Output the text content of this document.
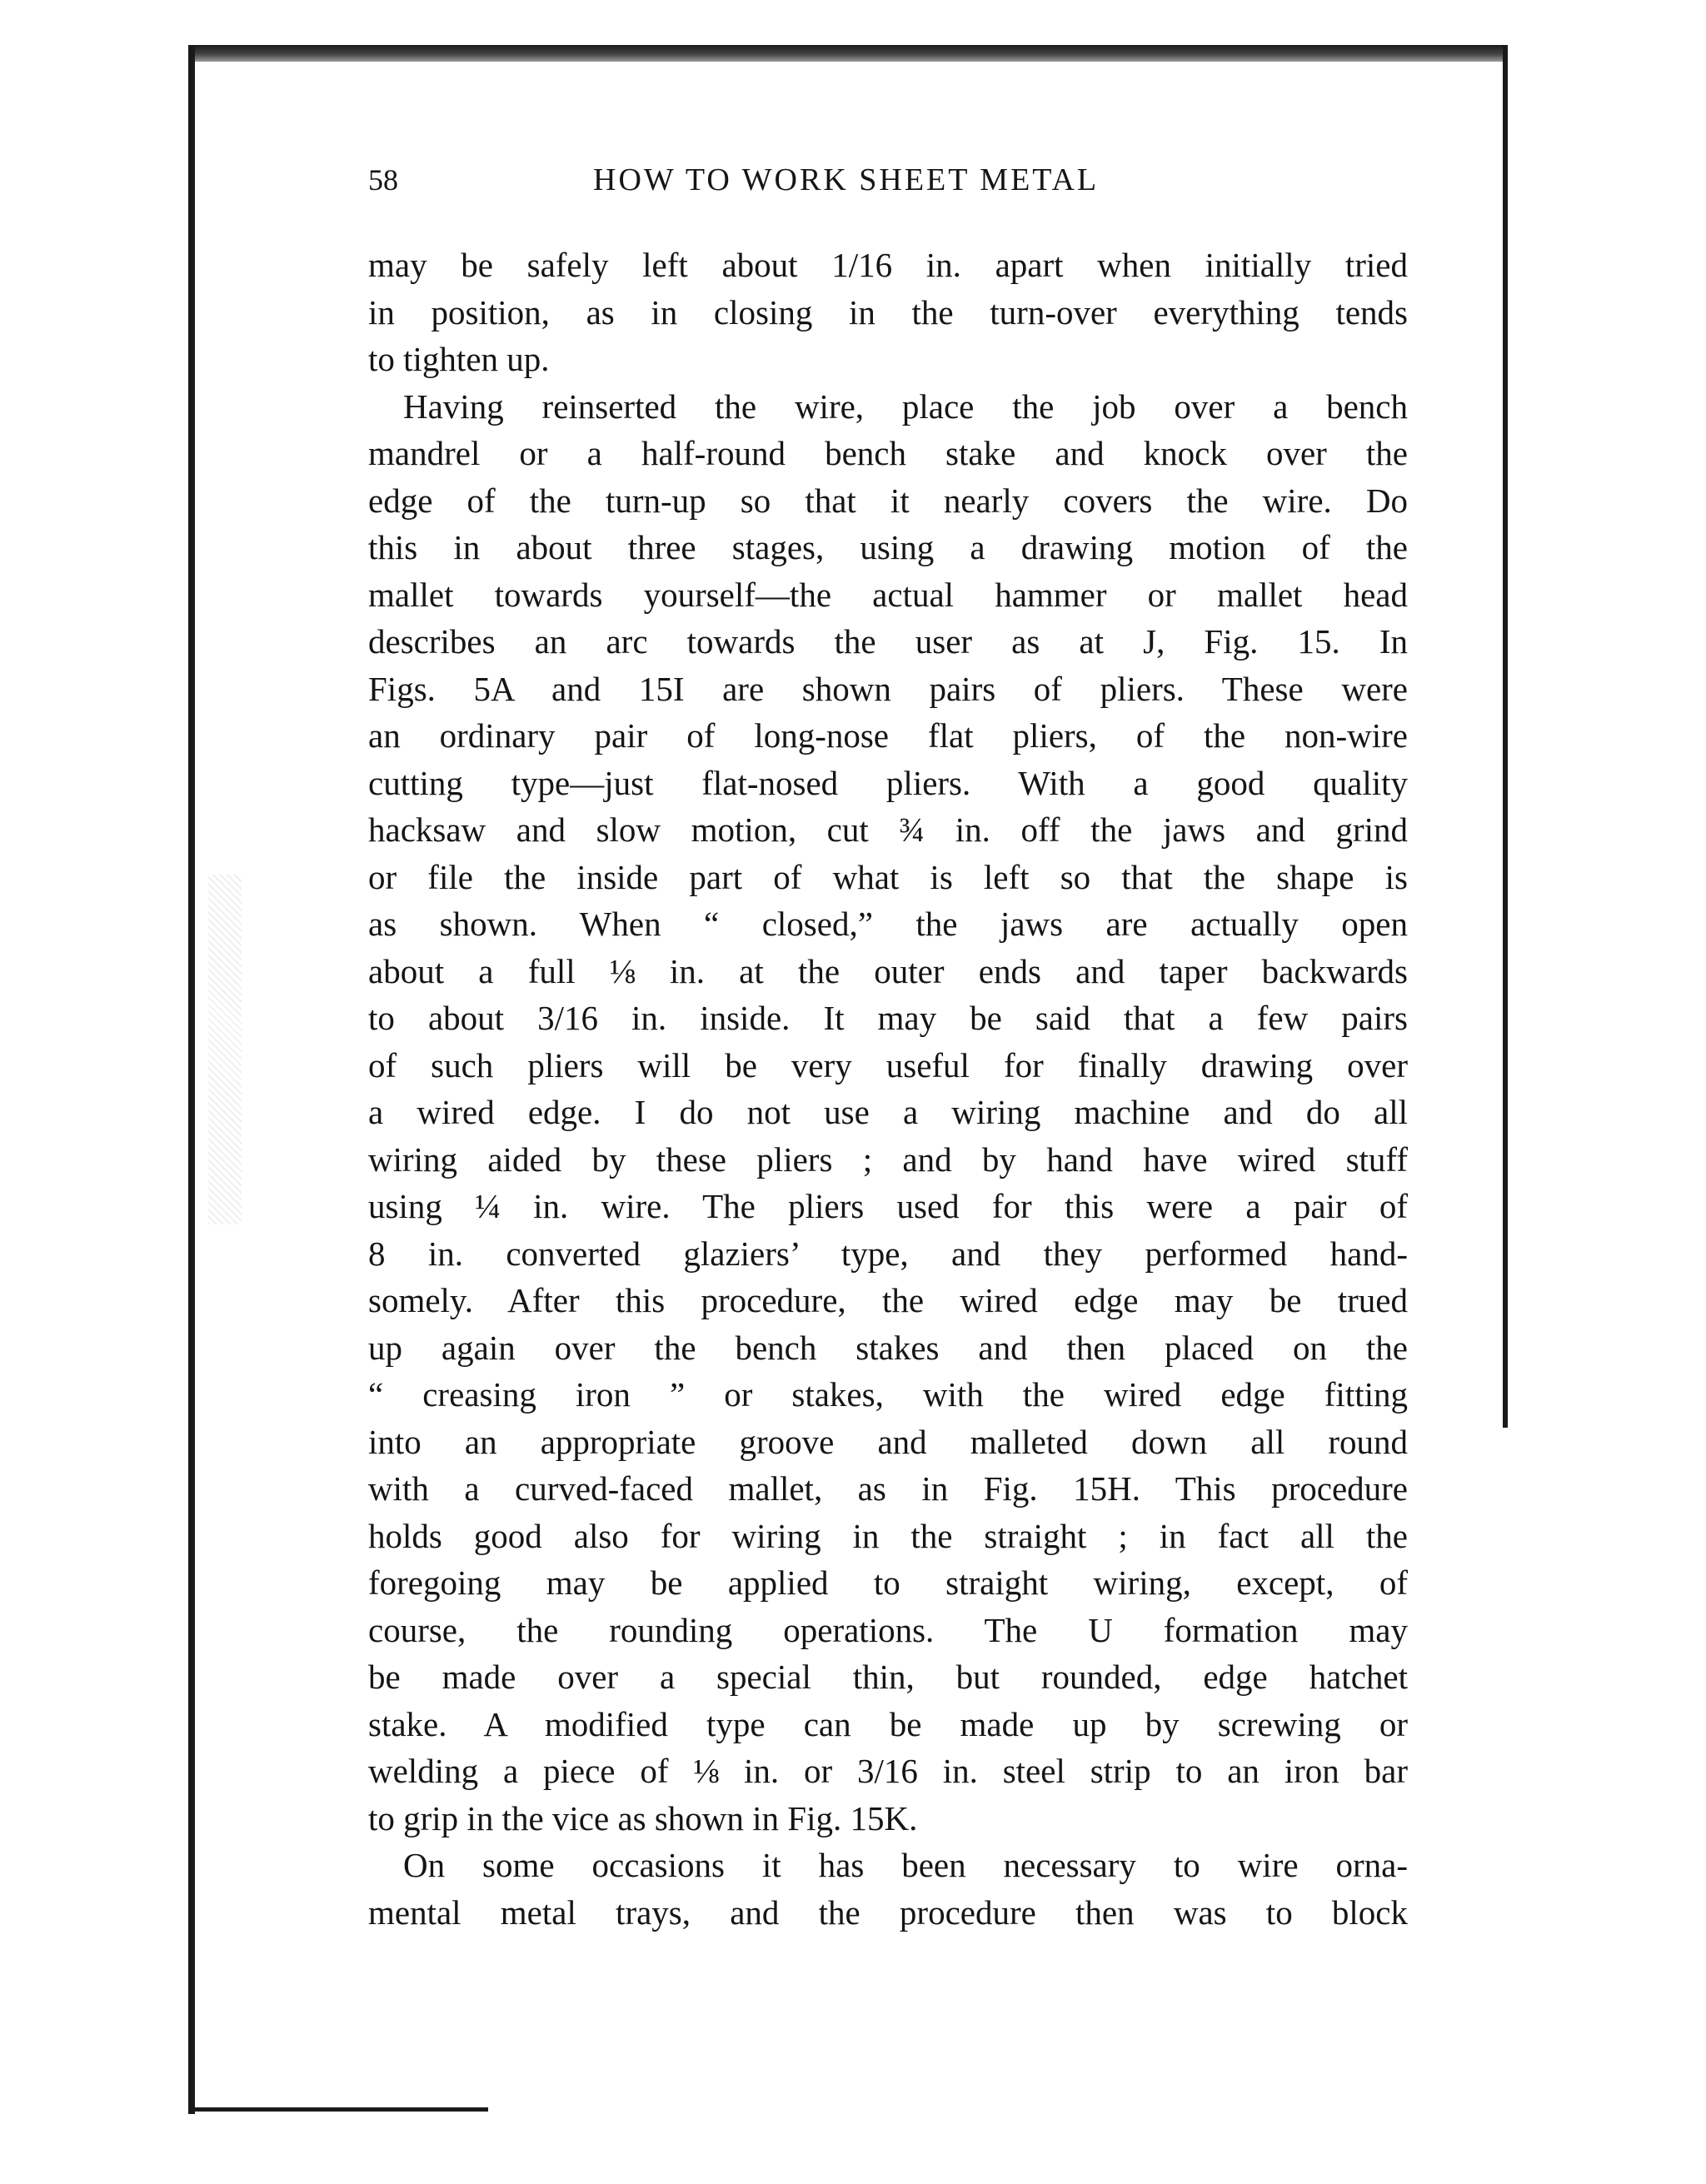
58	HOW TO WORK SHEET METAL
may be safely left about 1/16 in. apart when initially tried
in position, as in closing in the turn-over everything tends
to tighten up.
Having reinserted the wire, place the job over a bench
mandrel or a half-round bench stake and knock over the
edge of the turn-up so that it nearly covers the wire. Do
this in about three stages, using a drawing motion of the
mallet towards yourself—the actual hammer or mallet head
describes an arc towards the user as at J, Fig. 15. In
Figs. 5A and 15I are shown pairs of pliers. These were
an ordinary pair of long-nose flat pliers, of the non-wire
cutting type—just flat-nosed pliers. With a good quality
hacksaw and slow motion, cut ¾ in. off the jaws and grind
or file the inside part of what is left so that the shape is
as shown. When “ closed,” the jaws are actually open
about a full ⅛ in. at the outer ends and taper backwards
to about 3/16 in. inside. It may be said that a few pairs
of such pliers will be very useful for finally drawing over
a wired edge. I do not use a wiring machine and do all
wiring aided by these pliers ; and by hand have wired stuff
using ¼ in. wire. The pliers used for this were a pair of
8 in. converted glaziers’ type, and they performed hand-
somely. After this procedure, the wired edge may be trued
up again over the bench stakes and then placed on the
“ creasing iron ” or stakes, with the wired edge fitting
into an appropriate groove and malleted down all round
with a curved-faced mallet, as in Fig. 15H. This procedure
holds good also for wiring in the straight ; in fact all the
foregoing may be applied to straight wiring, except, of
course, the rounding operations. The U formation may
be made over a special thin, but rounded, edge hatchet
stake. A modified type can be made up by screwing or
welding a piece of ⅛ in. or 3/16 in. steel strip to an iron bar
to grip in the vice as shown in Fig. 15K.
On some occasions it has been necessary to wire orna-
mental metal trays, and the procedure then was to block
